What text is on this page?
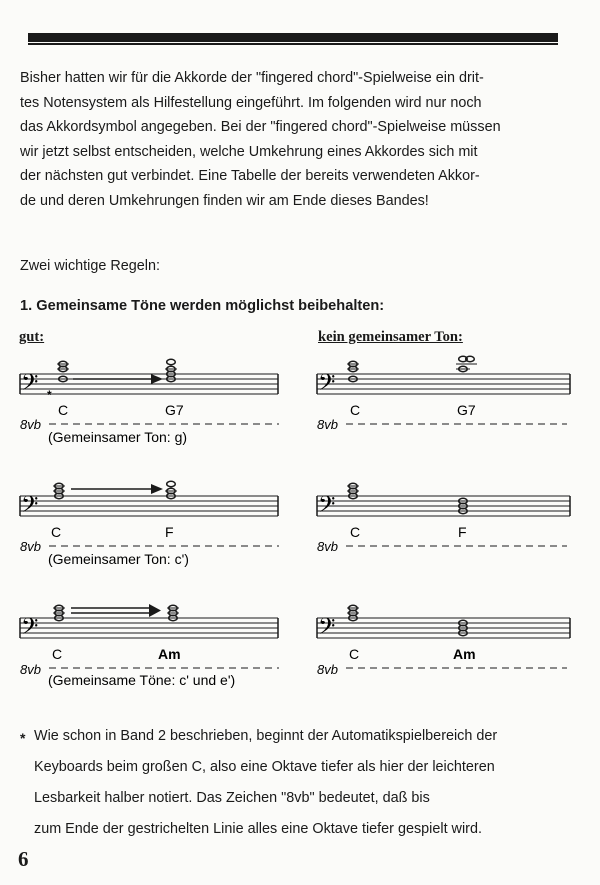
Bisher hatten wir für die Akkorde der "fingered chord"-Spielweise ein drit-
tes Notensystem als Hilfestellung eingeführt. Im folgenden wird nur noch
das Akkordsymbol angegeben. Bei der "fingered chord"-Spielweise müssen
wir jetzt selbst entscheiden, welche Umkehrung eines Akkordes sich mit
der nächsten gut verbindet. Eine Tabelle der bereits verwendeten Akkor-
de und deren Umkehrungen finden wir am Ende dieses Bandes!

Zwei wichtige Regeln:

1. Gemeinsame Töne werden möglichst beibehalten:

gut:	kein gemeinsamer Ton:
𝄢 *
C	G7
8vb
(Gemeinsamer Ton: g)
𝄢
C	G7
8vb
𝄢
C	F
8vb
(Gemeinsamer Ton: c')
𝄢
C	F
8vb
𝄢
C	Am
8vb
(Gemeinsame Töne: c' und e')
𝄢
C	Am
8vb
* Wie schon in Band 2 beschrieben, beginnt der Automatikspielbereich der
Keyboards beim großen C, also eine Oktave tiefer als hier der leichteren
Lesbarkeit halber notiert. Das Zeichen "8vb" bedeutet, daß bis
zum Ende der gestrichelten Linie alles eine Oktave tiefer gespielt wird.

6
